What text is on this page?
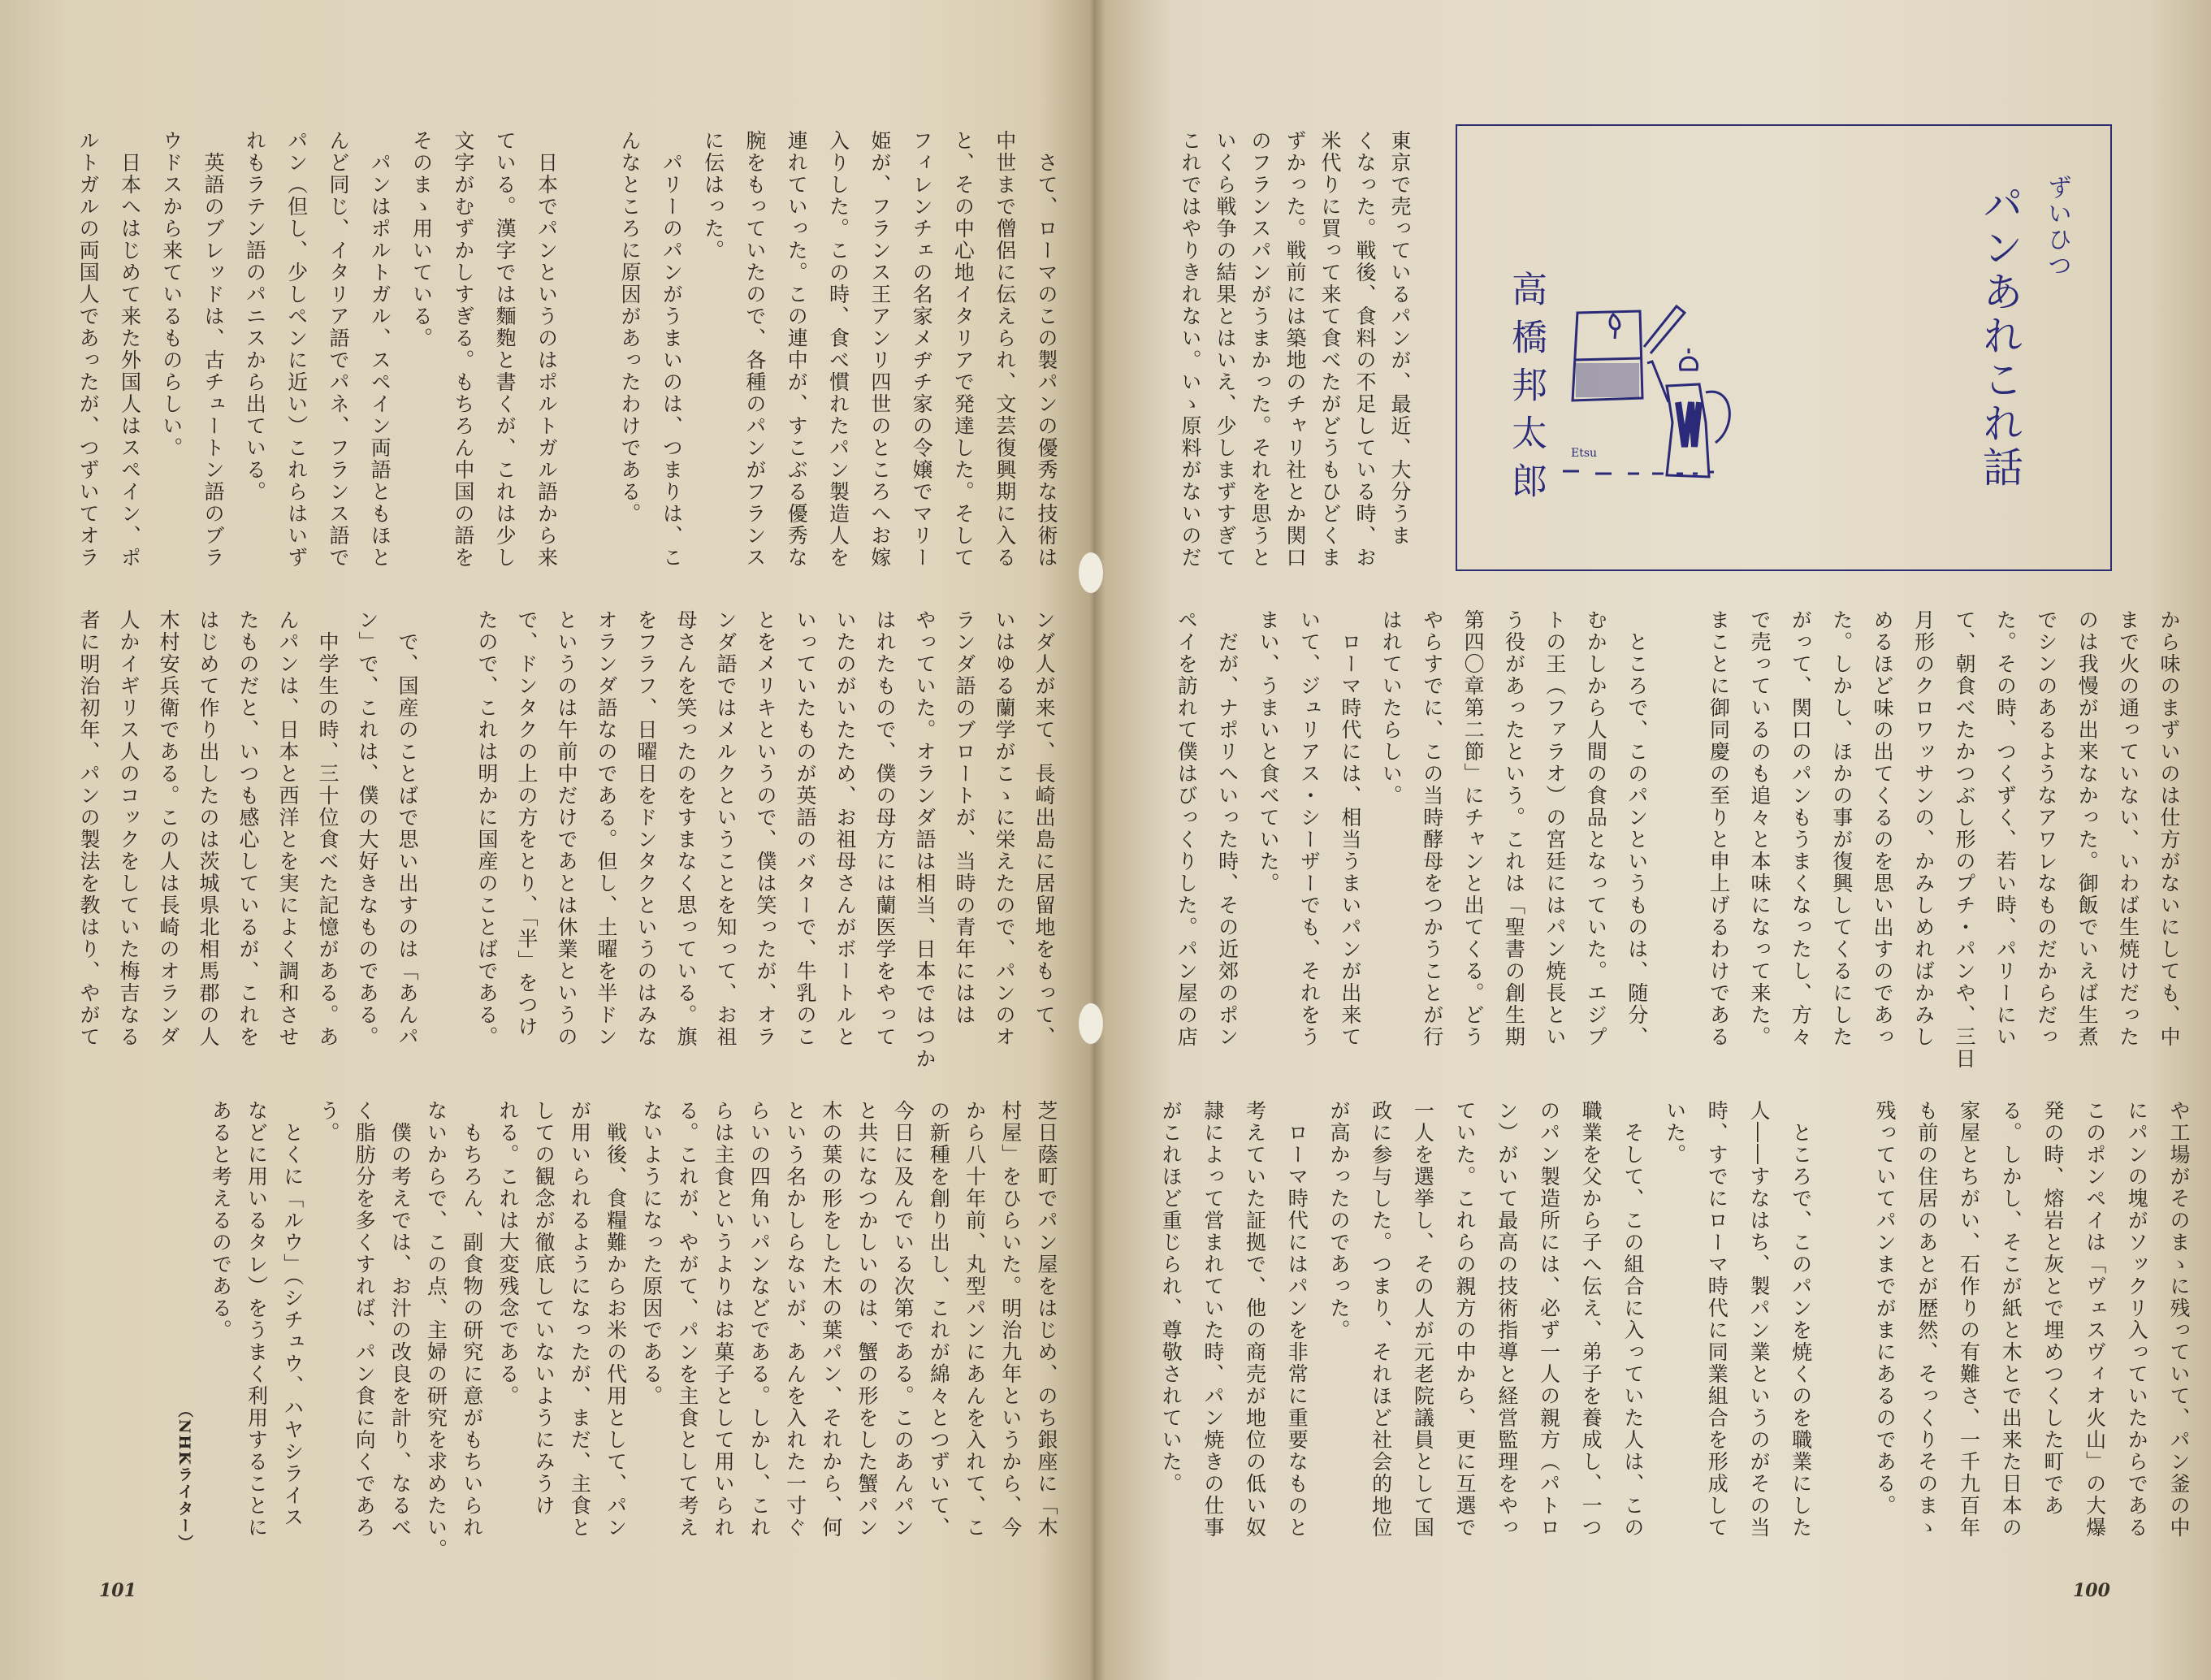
　さて、ローマのこの製パンの優秀な技術は
中世まで僧侶に伝えられ、文芸復興期に入る
と、その中心地イタリアで発達した。そして
フィレンチェの名家メヂチ家の令嬢でマリー
姫が、フランス王アンリ四世のところへお嫁
入りした。この時、食べ慣れたパン製造人を
連れていった。この連中が、すこぶる優秀な
腕をもっていたので、各種のパンがフランス
に伝はった。
　パリーのパンがうまいのは、つまりは、こ
んなところに原因があったわけである。

　日本でパンというのはポルトガル語から来
ている。漢字では麵麭と書くが、これは少し
文字がむずかしすぎる。もちろん中国の語を
そのまゝ用いている。
　パンはポルトガル、スペイン両語ともほと
んど同じ、イタリア語でパネ、フランス語で
パン（但し、少しペンに近い）これらはいず
れもラテン語のパニスから出ている。
　英語のブレッドは、古チュートン語のブラ
ウドスから来ているものらしい。
　日本へはじめて来た外国人はスペイン、ポ
ルトガルの両国人であったが、つずいてオラ
ンダ人が来て、長崎出島に居留地をもって、
いはゆる蘭学がこゝに栄えたので、パンのオ
ランダ語のブロートが、当時の青年にはは
やっていた。オランダ語は相当、日本ではつか
はれたもので、僕の母方には蘭医学をやって
いたのがいたため、お祖母さんがボートルと
いっていたものが英語のバターで、牛乳のこ
とをメリキというので、僕は笑ったが、オラ
ンダ語ではメルクということを知って、お祖
母さんを笑ったのをすまなく思っている。旗
をフラフ、日曜日をドンタクというのはみな
オランダ語なのである。但し、土曜を半ドン
というのは午前中だけであとは休業というの
で、ドンタクの上の方をとり、「半」をつけ
たので、これは明かに国産のことばである。

　で、国産のことばで思い出すのは「あんパ
ン」で、これは、僕の大好きなものである。
　中学生の時、三十位食べた記憶がある。あ
んパンは、日本と西洋とを実によく調和させ
たものだと、いつも感心しているが、これを
はじめて作り出したのは茨城県北相馬郡の人
木村安兵衛である。この人は長崎のオランダ
人かイギリス人のコックをしていた梅吉なる
者に明治初年、パンの製法を教はり、やがて
芝日蔭町でパン屋をはじめ、のち銀座に「木
村屋」をひらいた。明治九年というから、今
から八十年前、丸型パンにあんを入れて、こ
の新種を創り出し、これが綿々とつずいて、
今日に及んでいる次第である。このあんパン
と共になつかしいのは、蟹の形をした蟹パン
木の葉の形をした木の葉パン、それから、何
という名かしらないが、あんを入れた一寸ぐ
らいの四角いパンなどである。しかし、これ
らは主食というよりはお菓子として用いられ
る。これが、やがて、パンを主食として考え
ないようになった原因である。
　戦後、食糧難からお米の代用として、パン
が用いられるようになったが、まだ、主食と
しての観念が徹底していないようにみうけ
れる。これは大変残念である。
　もちろん、副食物の研究に意がもちいられ
ないからで、この点、主婦の研究を求めたい。
　僕の考えでは、お汁の改良を計り、なるべ
く脂肪分を多くすれば、パン食に向くであろ
う。
　とくに「ルウ」（シチュウ、ハヤシライス
などに用いるタレ）をうまく利用することに
あると考えるのである。
（NHKライター）
101
ずいひつ
パンあれこれ話
高橋邦太郎	Etsu
東京で売っているパンが、最近、大分うま
くなった。戦後、食料の不足している時、お
米代りに買って来て食べたがどうもひどくま
ずかった。戦前には築地のチャリ社とか関口
のフランスパンがうまかった。それを思うと
いくら戦争の結果とはいえ、少しまずすぎて
これではやりきれない。いゝ原料がないのだ
から味のまずいのは仕方がないにしても、中
まで火の通っていない、いわば生焼けだった
のは我慢が出来なかった。御飯でいえば生煮
でシンのあるようなアワレなものだからだっ
た。その時、つくずく、若い時、パリーにい
て、朝食べたかつぶし形のプチ・パンや、三日
月形のクロワッサンの、かみしめればかみし
めるほど味の出てくるのを思い出すのであっ
た。しかし、ほかの事が復興してくるにした
がって、関口のパンもうまくなったし、方々
で売っているのも追々と本味になって来た。
まことに御同慶の至りと申上げるわけである

　ところで、このパンというものは、随分、
むかしから人間の食品となっていた。エジプ
トの王（ファラオ）の宮廷にはパン焼長とい
う役があったという。これは「聖書の創生期
第四〇章第二節」にチャンと出てくる。どう
やらすでに、この当時酵母をつかうことが行
はれていたらしい。
　ローマ時代には、相当うまいパンが出来て
いて、ジュリアス・シーザーでも、それをう
まい、うまいと食べていた。
　だが、ナポリへいった時、その近郊のポン
ペイを訪れて僕はびっくりした。パン屋の店
や工場がそのまゝに残っていて、パン釜の中
にパンの塊がソックリ入っていたからである
このポンペイは「ヴェスヴィオ火山」の大爆
発の時、熔岩と灰とで埋めつくした町であ
る。しかし、そこが紙と木とで出来た日本の
家屋とちがい、石作りの有難さ、一千九百年
も前の住居のあとが歴然、そっくりそのまゝ
残っていてパンまでがまにあるのである。

　ところで、このパンを焼くのを職業にした
人――すなはち、製パン業というのがその当
時、すでにローマ時代に同業組合を形成して
いた。
　そして、この組合に入っていた人は、この
職業を父から子へ伝え、弟子を養成し、一つ
のパン製造所には、必ず一人の親方（パトロ
ン）がいて最高の技術指導と経営監理をやっ
ていた。これらの親方の中から、更に互選で
一人を選挙し、その人が元老院議員として国
政に参与した。つまり、それほど社会的地位
が高かったのであった。
　ローマ時代にはパンを非常に重要なものと
考えていた証拠で、他の商売が地位の低い奴
隷によって営まれていた時、パン焼きの仕事
がこれほど重じられ、尊敬されていた。
100
